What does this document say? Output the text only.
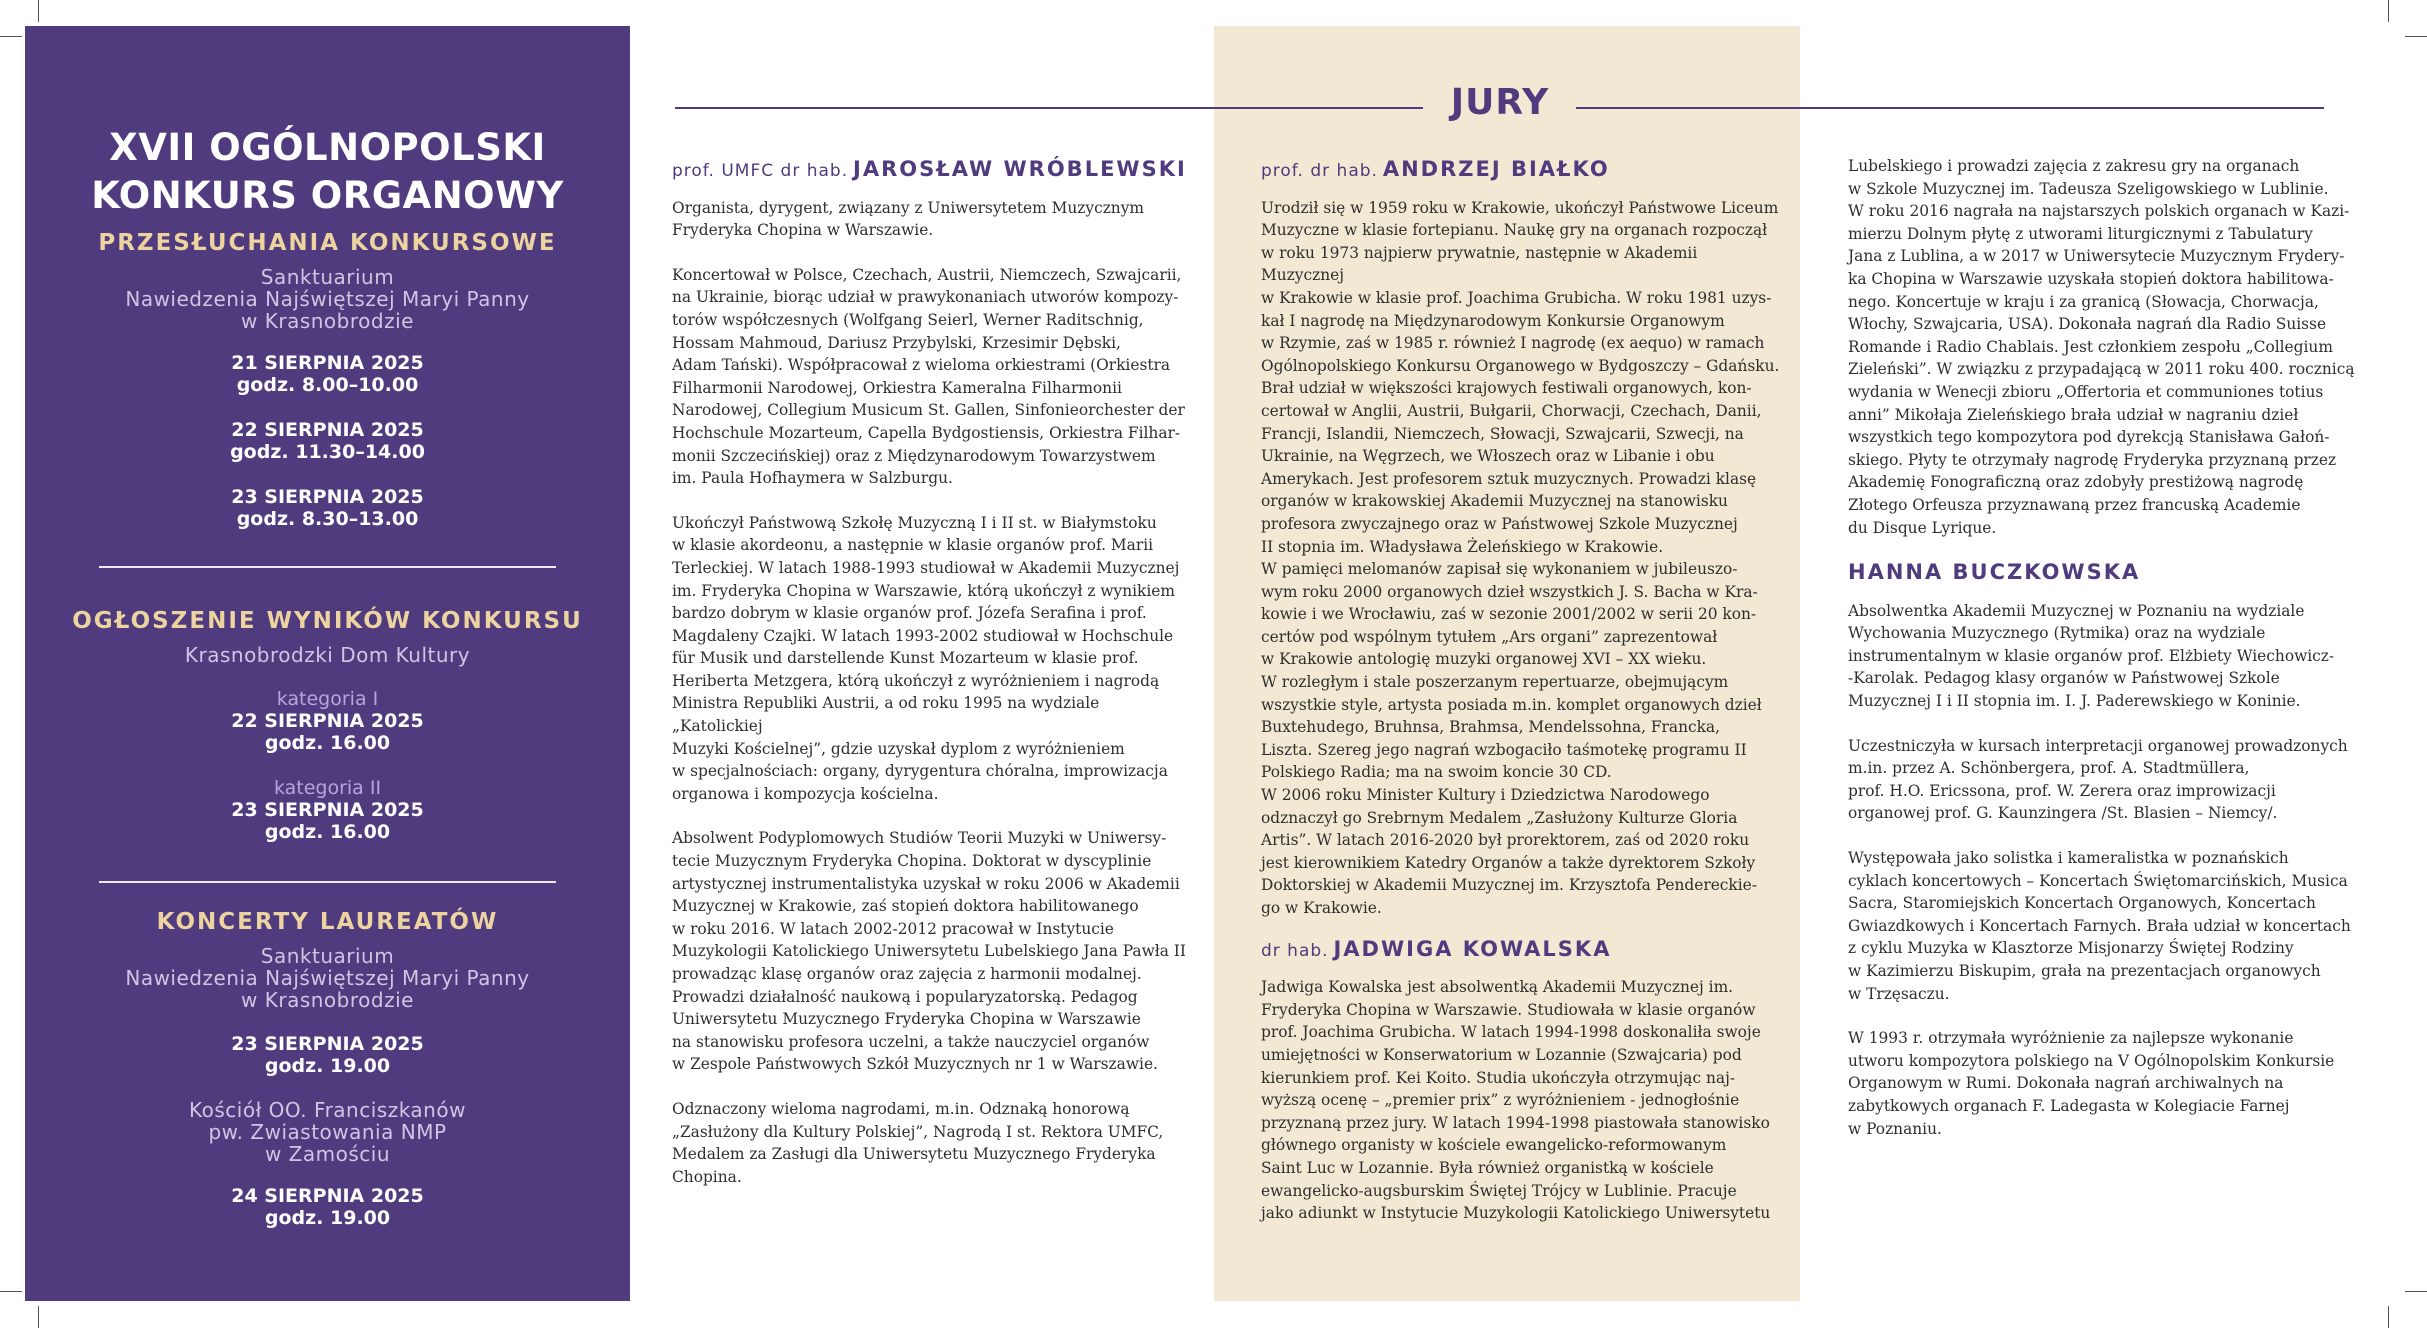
XVII OGÓLNOPOLSKI
KONKURS ORGANOWY

PRZESŁUCHANIA KONKURSOWE

Sanktuarium

Nawiedzenia Najświętszej Maryi Panny

w Krasnobrodzie

21 SIERPNIA 2025

godz. 8.00–10.00

22 SIERPNIA 2025

godz. 11.30–14.00

23 SIERPNIA 2025

godz. 8.30–13.00

OGŁOSZENIE WYNIKÓW KONKURSU

Krasnobrodzki Dom Kultury

kategoria I

22 SIERPNIA 2025

godz. 16.00

kategoria II

23 SIERPNIA 2025

godz. 16.00

KONCERTY LAUREATÓW

Sanktuarium

Nawiedzenia Najświętszej Maryi Panny

w Krasnobrodzie

23 SIERPNIA 2025

godz. 19.00

Kościół OO. Franciszkanów

pw. Zwiastowania NMP

w Zamościu

24 SIERPNIA 2025

godz. 19.00

JURY
prof. UMFC dr hab. JAROSŁAW WRÓBLEWSKI

Organista, dyrygent, związany z Uniwersytetem Muzycznym
Fryderyka Chopina w Warszawie.

Koncertował w Polsce, Czechach, Austrii, Niemczech, Szwajcarii,
na Ukrainie, biorąc udział w prawykonaniach utworów kompozy-
torów współczesnych (Wolfgang Seierl, Werner Raditschnig,
Hossam Mahmoud, Dariusz Przybylski, Krzesimir Dębski,
Adam Tański). Współpracował z wieloma orkiestrami (Orkiestra
Filharmonii Narodowej, Orkiestra Kameralna Filharmonii
Narodowej, Collegium Musicum St. Gallen, Sinfonieorchester der
Hochschule Mozarteum, Capella Bydgostiensis, Orkiestra Filhar-
monii Szczecińskiej) oraz z Międzynarodowym Towarzystwem
im. Paula Hofhaymera w Salzburgu.

Ukończył Państwową Szkołę Muzyczną I i II st. w Białymstoku
w klasie akordeonu, a następnie w klasie organów prof. Marii
Terleckiej. W latach 1988-1993 studiował w Akademii Muzycznej
im. Fryderyka Chopina w Warszawie, którą ukończył z wynikiem
bardzo dobrym w klasie organów prof. Józefa Serafina i prof.
Magdaleny Czajki. W latach 1993-2002 studiował w Hochschule
für Musik und darstellende Kunst Mozarteum w klasie prof.
Heriberta Metzgera, którą ukończył z wyróżnieniem i nagrodą
Ministra Republiki Austrii, a od roku 1995 na wydziale „Katolickiej
Muzyki Kościelnej”, gdzie uzyskał dyplom z wyróżnieniem
w specjalnościach: organy, dyrygentura chóralna, improwizacja
organowa i kompozycja kościelna.

Absolwent Podyplomowych Studiów Teorii Muzyki w Uniwersy-
tecie Muzycznym Fryderyka Chopina. Doktorat w dyscyplinie
artystycznej instrumentalistyka uzyskał w roku 2006 w Akademii
Muzycznej w Krakowie, zaś stopień doktora habilitowanego
w roku 2016. W latach 2002-2012 pracował w Instytucie
Muzykologii Katolickiego Uniwersytetu Lubelskiego Jana Pawła II
prowadząc klasę organów oraz zajęcia z harmonii modalnej.
Prowadzi działalność naukową i popularyzatorską. Pedagog
Uniwersytetu Muzycznego Fryderyka Chopina w Warszawie
na stanowisku profesora uczelni, a także nauczyciel organów
w Zespole Państwowych Szkół Muzycznych nr 1 w Warszawie.

Odznaczony wieloma nagrodami, m.in. Odznaką honorową
„Zasłużony dla Kultury Polskiej”, Nagrodą I st. Rektora UMFC,
Medalem za Zasługi dla Uniwersytetu Muzycznego Fryderyka
Chopina.

prof. dr hab. ANDRZEJ BIAŁKO

Urodził się w 1959 roku w Krakowie, ukończył Państwowe Liceum
Muzyczne w klasie fortepianu. Naukę gry na organach rozpoczął
w roku 1973 najpierw prywatnie, następnie w Akademii Muzycznej
w Krakowie w klasie prof. Joachima Grubicha. W roku 1981 uzys-
kał I nagrodę na Międzynarodowym Konkursie Organowym
w Rzymie, zaś w 1985 r. również I nagrodę (ex aequo) w ramach
Ogólnopolskiego Konkursu Organowego w Bydgoszczy – Gdańsku.
Brał udział w większości krajowych festiwali organowych, kon-
certował w Anglii, Austrii, Bułgarii, Chorwacji, Czechach, Danii,
Francji, Islandii, Niemczech, Słowacji, Szwajcarii, Szwecji, na
Ukrainie, na Węgrzech, we Włoszech oraz w Libanie i obu
Amerykach. Jest profesorem sztuk muzycznych. Prowadzi klasę
organów w krakowskiej Akademii Muzycznej na stanowisku
profesora zwyczajnego oraz w Państwowej Szkole Muzycznej
II stopnia im. Władysława Żeleńskiego w Krakowie.
W pamięci melomanów zapisał się wykonaniem w jubileuszo-
wym roku 2000 organowych dzieł wszystkich J. S. Bacha w Kra-
kowie i we Wrocławiu, zaś w sezonie 2001/2002 w serii 20 kon-
certów pod wspólnym tytułem „Ars organi” zaprezentował
w Krakowie antologię muzyki organowej XVI – XX wieku.
W rozległym i stale poszerzanym repertuarze, obejmującym
wszystkie style, artysta posiada m.in. komplet organowych dzieł
Buxtehudego, Bruhnsa, Brahmsa, Mendelssohna, Francka,
Liszta. Szereg jego nagrań wzbogaciło taśmotekę programu II
Polskiego Radia; ma na swoim koncie 30 CD.
W 2006 roku Minister Kultury i Dziedzictwa Narodowego
odznaczył go Srebrnym Medalem „Zasłużony Kulturze Gloria
Artis”. W latach 2016-2020 był prorektorem, zaś od 2020 roku
jest kierownikiem Katedry Organów a także dyrektorem Szkoły
Doktorskiej w Akademii Muzycznej im. Krzysztofa Pendereckie-
go w Krakowie.

dr hab. JADWIGA KOWALSKA

Jadwiga Kowalska jest absolwentką Akademii Muzycznej im.
Fryderyka Chopina w Warszawie. Studiowała w klasie organów
prof. Joachima Grubicha. W latach 1994-1998 doskonaliła swoje
umiejętności w Konserwatorium w Lozannie (Szwajcaria) pod
kierunkiem prof. Kei Koito. Studia ukończyła otrzymując naj-
wyższą ocenę – „premier prix” z wyróżnieniem - jednogłośnie
przyznaną przez jury. W latach 1994-1998 piastowała stanowisko
głównego organisty w kościele ewangelicko-reformowanym
Saint Luc w Lozannie. Była również organistką w kościele
ewangelicko-augsburskim Świętej Trójcy w Lublinie. Pracuje
jako adiunkt w Instytucie Muzykologii Katolickiego Uniwersytetu

Lubelskiego i prowadzi zajęcia z zakresu gry na organach
w Szkole Muzycznej im. Tadeusza Szeligowskiego w Lublinie.
W roku 2016 nagrała na najstarszych polskich organach w Kazi-
mierzu Dolnym płytę z utworami liturgicznymi z Tabulatury
Jana z Lublina, a w 2017 w Uniwersytecie Muzycznym Frydery-
ka Chopina w Warszawie uzyskała stopień doktora habilitowa-
nego. Koncertuje w kraju i za granicą (Słowacja, Chorwacja,
Włochy, Szwajcaria, USA). Dokonała nagrań dla Radio Suisse
Romande i Radio Chablais. Jest członkiem zespołu „Collegium
Zieleński”. W związku z przypadającą w 2011 roku 400. rocznicą
wydania w Wenecji zbioru „Offertoria et communiones totius
anni” Mikołaja Zieleńskiego brała udział w nagraniu dzieł
wszystkich tego kompozytora pod dyrekcją Stanisława Gałoń-
skiego. Płyty te otrzymały nagrodę Fryderyka przyznaną przez
Akademię Fonograficzną oraz zdobyły prestiżową nagrodę
Złotego Orfeusza przyznawaną przez francuską Academie
du Disque Lyrique.

HANNA BUCZKOWSKA

Absolwentka Akademii Muzycznej w Poznaniu na wydziale
Wychowania Muzycznego (Rytmika) oraz na wydziale
instrumentalnym w klasie organów prof. Elżbiety Wiechowicz-
-Karolak. Pedagog klasy organów w Państwowej Szkole
Muzycznej I i II stopnia im. I. J. Paderewskiego w Koninie.

Uczestniczyła w kursach interpretacji organowej prowadzonych
m.in. przez A. Schönbergera, prof. A. Stadtmüllera,
prof. H.O. Ericssona, prof. W. Zerera oraz improwizacji
organowej prof. G. Kaunzingera /St. Blasien – Niemcy/.

Występowała jako solistka i kameralistka w poznańskich
cyklach koncertowych – Koncertach Świętomarcińskich, Musica
Sacra, Staromiejskich Koncertach Organowych, Koncertach
Gwiazdkowych i Koncertach Farnych. Brała udział w koncertach
z cyklu Muzyka w Klasztorze Misjonarzy Świętej Rodziny
w Kazimierzu Biskupim, grała na prezentacjach organowych
w Trzęsaczu.

W 1993 r. otrzymała wyróżnienie za najlepsze wykonanie
utworu kompozytora polskiego na V Ogólnopolskim Konkursie
Organowym w Rumi. Dokonała nagrań archiwalnych na
zabytkowych organach F. Ladegasta w Kolegiacie Farnej
w Poznaniu.
